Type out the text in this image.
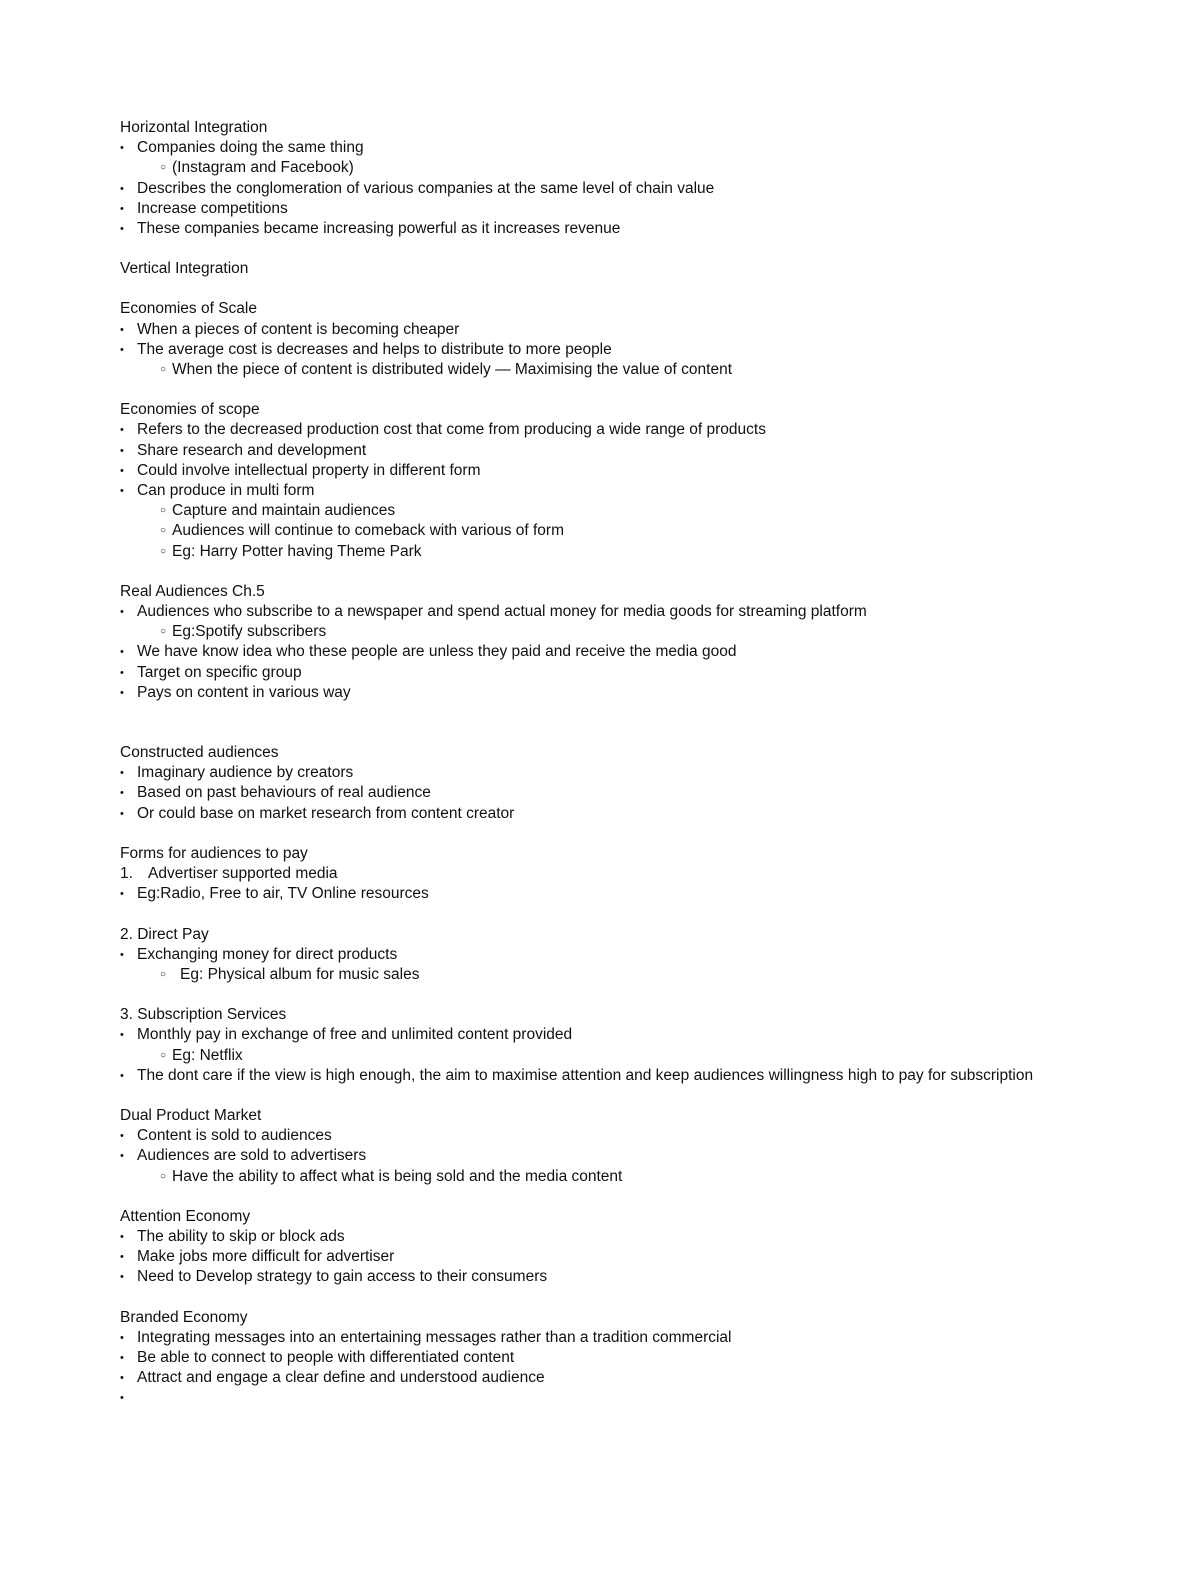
Horizontal Integration
• Companies doing the same thing
○ (Instagram and Facebook)
• Describes the conglomeration of various companies at the same level of chain value
• Increase competitions
• These companies became increasing powerful as it increases revenue
Vertical Integration
Economies of Scale
• When a pieces of content is becoming cheaper
• The average cost is decreases and helps to distribute to more people
○ When the piece of content is distributed widely — Maximising the value of content
Economies of scope
• Refers to the decreased production cost that come from producing a wide range of products
• Share research and development
• Could involve intellectual property in different form
• Can produce in multi form
○ Capture and maintain audiences
○ Audiences will continue to comeback with various of form
○ Eg: Harry Potter having Theme Park
Real Audiences Ch.5
• Audiences who subscribe to a newspaper and spend actual money for media goods for streaming platform
○ Eg:Spotify subscribers
• We have know idea who these people are unless they paid and receive the media good
• Target on specific group
• Pays on content in various way
Constructed audiences
• Imaginary audience by creators
• Based on past behaviours of real audience
• Or could base on market research from content creator
Forms for audiences to pay
1. Advertiser supported media
• Eg:Radio, Free to air, TV Online resources
2. Direct Pay
• Exchanging money for direct products
○ Eg: Physical album for music sales
3. Subscription Services
• Monthly pay in exchange of free and unlimited content provided
○ Eg: Netflix
• The dont care if the view is high enough, the aim to maximise attention and keep audiences willingness high to pay for subscription
Dual Product Market
• Content is sold to audiences
• Audiences are sold to advertisers
○ Have the ability to affect what is being sold and the media content
Attention Economy
• The ability to skip or block ads
• Make jobs more difficult for advertiser
• Need to Develop strategy to gain access to their consumers
Branded Economy
• Integrating messages into an entertaining messages rather than a tradition commercial
• Be able to connect to people with differentiated content
• Attract and engage a clear define and understood audience
•
